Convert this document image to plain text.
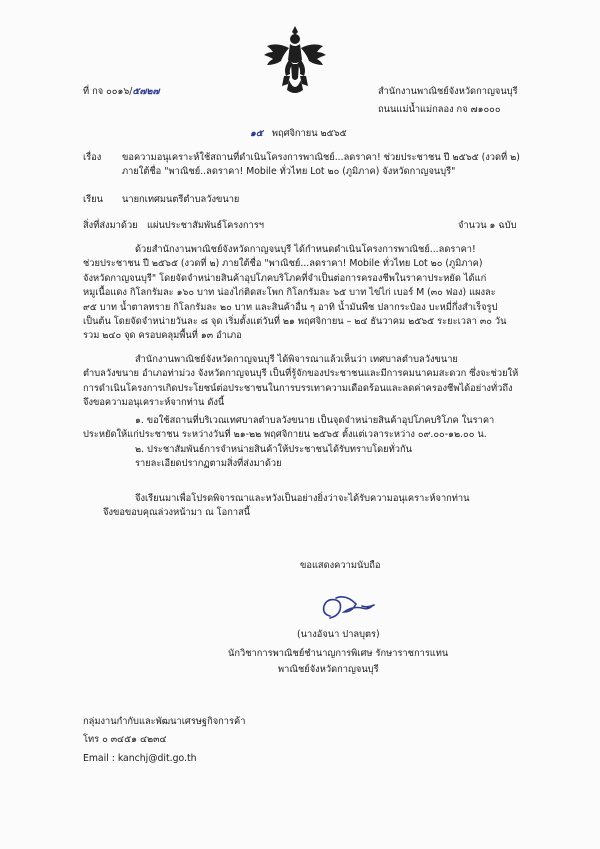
ที่ กจ ๐๐๑๖/๕๗๒๗	สำนักงานพาณิชย์จังหวัดกาญจนบุรี
ถนนแม่น้ำแม่กลอง กจ ๗๑๐๐๐
๑๕ พฤศจิกายน ๒๕๖๕
เรื่อง ขอความอนุเคราะห์ใช้สถานที่ดำเนินโครงการพาณิชย์...ลดราคา! ช่วยประชาชน ปี ๒๕๖๕ (งวดที่ ๒)
ภายใต้ชื่อ "พาณิชย์..ลดราคา! Mobile ทั่วไทย Lot ๒๐ (ภูมิภาค) จังหวัดกาญจนบุรี"
เรียน นายกเทศมนตรีตำบลวังขนาย
สิ่งที่ส่งมาด้วย แผ่นประชาสัมพันธ์โครงการฯ	จำนวน ๑ ฉบับ
ด้วยสำนักงานพาณิชย์จังหวัดกาญจนบุรี ได้กำหนดดำเนินโครงการพาณิชย์...ลดราคา!
ช่วยประชาชน ปี ๒๕๖๕ (งวดที่ ๒) ภายใต้ชื่อ "พาณิชย์...ลดราคา! Mobile ทั่วไทย Lot ๒๐ (ภูมิภาค)
จังหวัดกาญจนบุรี" โดยจัดจำหน่ายสินค้าอุปโภคบริโภคที่จำเป็นต่อการครองชีพในราคาประหยัด ได้แก่
หมูเนื้อแดง กิโลกรัมละ ๑๖๐ บาท น่องไก่ติดสะโพก กิโลกรัมละ ๖๕ บาท ไข่ไก่ เบอร์ M (๓๐ ฟอง) แผงละ
๙๕ บาท น้ำตาลทราย กิโลกรัมละ ๒๐ บาท และสินค้าอื่น ๆ อาทิ น้ำมันพืช ปลากระป๋อง บะหมี่กึ่งสำเร็จรูป
เป็นต้น โดยจัดจำหน่ายวันละ ๘ จุด เริ่มตั้งแต่วันที่ ๒๑ พฤศจิกายน – ๒๔ ธันวาคม ๒๕๖๕ ระยะเวลา ๓๐ วัน
รวม ๒๔๐ จุด ครอบคลุมพื้นที่ ๑๓ อำเภอ
สำนักงานพาณิชย์จังหวัดกาญจนบุรี ได้พิจารณาแล้วเห็นว่า เทศบาลตำบลวังขนาย
ตำบลวังขนาย อำเภอท่าม่วง จังหวัดกาญจนบุรี เป็นที่รู้จักของประชาชนและมีการคมนาคมสะดวก ซึ่งจะช่วยให้
การดำเนินโครงการเกิดประโยชน์ต่อประชาชนในการบรรเทาความเดือดร้อนและลดค่าครองชีพได้อย่างทั่วถึง
จึงขอความอนุเคราะห์จากท่าน ดังนี้
๑. ขอใช้สถานที่บริเวณเทศบาลตำบลวังขนาย เป็นจุดจำหน่ายสินค้าอุปโภคบริโภค ในราคา
ประหยัดให้แก่ประชาชน ระหว่างวันที่ ๒๑-๒๒ พฤศจิกายน ๒๕๖๕ ตั้งแต่เวลาระหว่าง ๐๙.๐๐-๑๒.๐๐ น.
๒. ประชาสัมพันธ์การจำหน่ายสินค้าให้ประชาชนได้รับทราบโดยทั่วกัน
รายละเอียดปรากฏตามสิ่งที่ส่งมาด้วย
จึงเรียนมาเพื่อโปรดพิจารณาและหวังเป็นอย่างยิ่งว่าจะได้รับความอนุเคราะห์จากท่าน
จึงขอขอบคุณล่วงหน้ามา ณ โอกาสนี้
ขอแสดงความนับถือ
(นางอัจนา ปาลบุตร)
นักวิชาการพาณิชย์ชำนาญการพิเศษ รักษาราชการแทน
พาณิชย์จังหวัดกาญจนบุรี
กลุ่มงานกำกับและพัฒนาเศรษฐกิจการค้า
โทร ๐ ๓๔๕๑ ๔๒๓๔
Email : kanchj@dit.go.th
